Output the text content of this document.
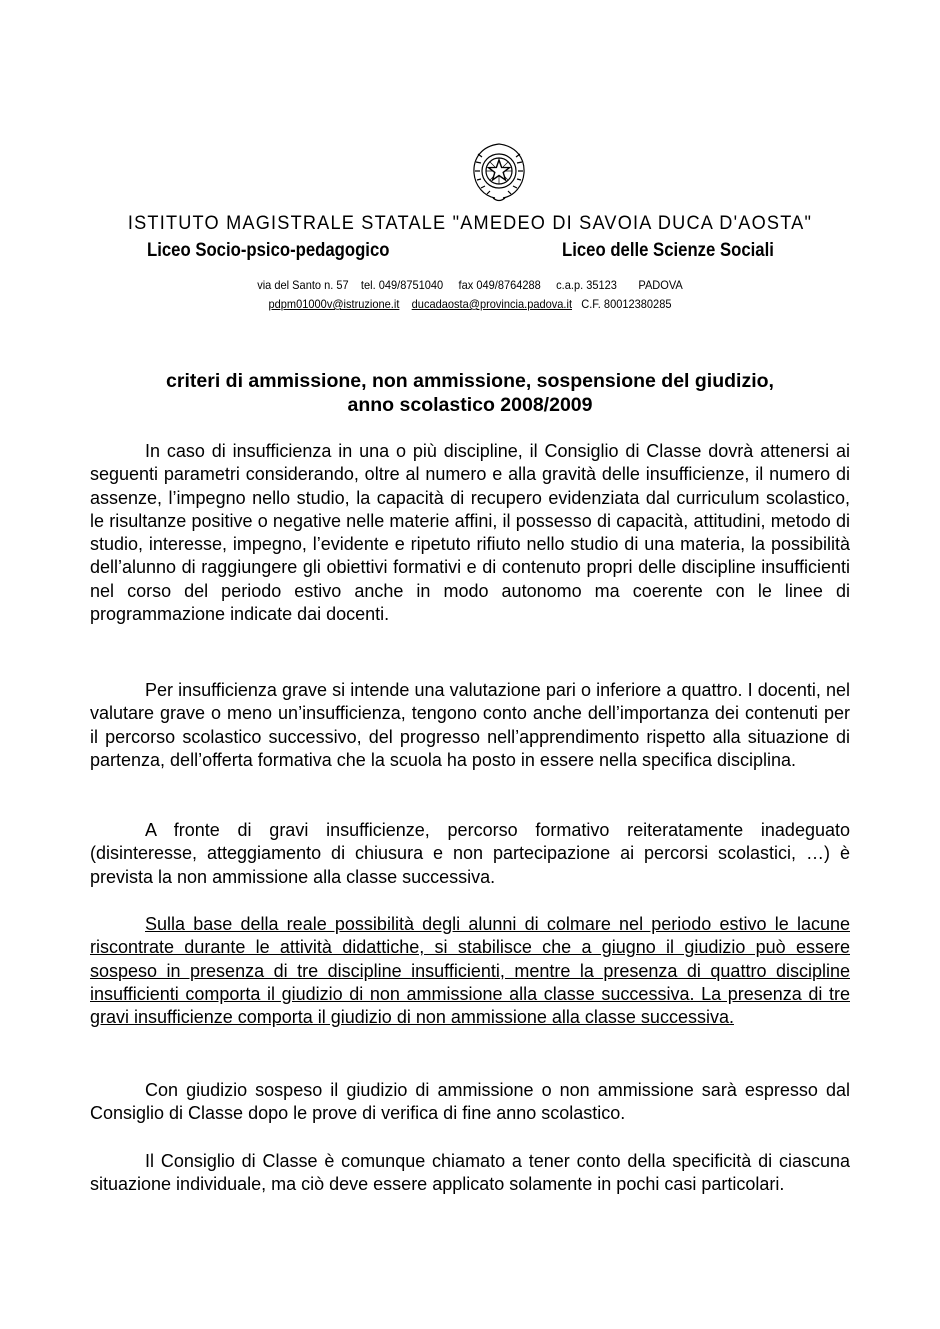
ISTITUTO MAGISTRALE STATALE "AMEDEO DI SAVOIA DUCA D'AOSTA"
Liceo Socio-psico-pedagogico	Liceo delle Scienze Sociali
via del Santo n. 57 tel. 049/8751040 fax 049/8764288 c.a.p. 35123 PADOVA
pdpm01000v@istruzione.it ducadaosta@provincia.padova.it C.F. 80012380285
criteri di ammissione, non ammissione, sospensione del giudizio,
anno scolastico 2008/2009

In caso di insufficienza in una o più discipline, il Consiglio di Classe dovrà attenersi ai seguenti parametri considerando, oltre al numero e alla gravità delle insufficienze, il numero di assenze, l’impegno nello studio, la capacità di recupero evidenziata dal curriculum scolastico, le risultanze positive o negative nelle materie affini, il possesso di capacità, attitudini, metodo di studio, interesse, impegno, l’evidente e ripetuto rifiuto nello studio di una materia, la possibilità dell’alunno di raggiungere gli obiettivi formativi e di contenuto propri delle discipline insufficienti nel corso del periodo estivo anche in modo autonomo ma coerente con le linee di programmazione indicate dai docenti.

Per insufficienza grave si intende una valutazione pari o inferiore a quattro. I docenti, nel valutare grave o meno un’insufficienza, tengono conto anche dell’importanza dei contenuti per il percorso scolastico successivo, del progresso nell’apprendimento rispetto alla situazione di partenza, dell’offerta formativa che la scuola ha posto in essere nella specifica disciplina.

A fronte di gravi insufficienze, percorso formativo reiteratamente inadeguato (disinteresse, atteggiamento di chiusura e non partecipazione ai percorsi scolastici, …) è prevista la non ammissione alla classe successiva.

Sulla base della reale possibilità degli alunni di colmare nel periodo estivo le lacune riscontrate durante le attività didattiche, si stabilisce che a giugno il giudizio può essere sospeso in presenza di tre discipline insufficienti, mentre la presenza di quattro discipline insufficienti comporta il giudizio di non ammissione alla classe successiva. La presenza di tre gravi insufficienze comporta il giudizio di non ammissione alla classe successiva.

Con giudizio sospeso il giudizio di ammissione o non ammissione sarà espresso dal Consiglio di Classe dopo le prove di verifica di fine anno scolastico.

Il Consiglio di Classe è comunque chiamato a tener conto della specificità di ciascuna situazione individuale, ma ciò deve essere applicato solamente in pochi casi particolari.
